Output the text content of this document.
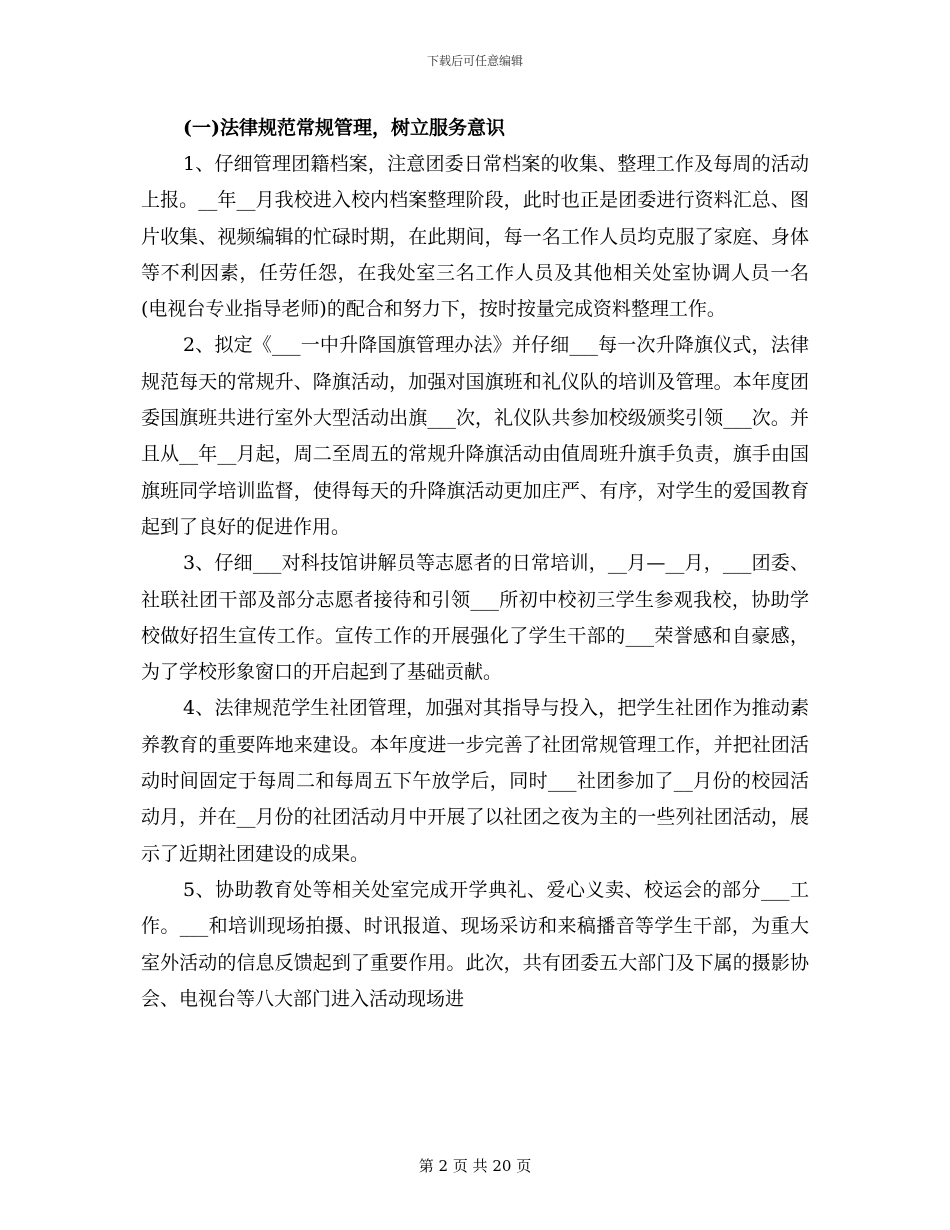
下载后可任意编辑

(一)法律规范常规管理，树立服务意识

1、仔细管理团籍档案，注意团委日常档案的收集、整理工作及每周的活动上报。__年__月我校进入校内档案整理阶段，此时也正是团委进行资料汇总、图片收集、视频编辑的忙碌时期，在此期间，每一名工作人员均克服了家庭、身体等不利因素，任劳任怨，在我处室三名工作人员及其他相关处室协调人员一名(电视台专业指导老师)的配合和努力下，按时按量完成资料整理工作。

2、拟定《___一中升降国旗管理办法》并仔细___每一次升降旗仪式，法律规范每天的常规升、降旗活动，加强对国旗班和礼仪队的培训及管理。本年度团委国旗班共进行室外大型活动出旗___次，礼仪队共参加校级颁奖引领___次。并且从__年__月起，周二至周五的常规升降旗活动由值周班升旗手负责，旗手由国旗班同学培训监督，使得每天的升降旗活动更加庄严、有序，对学生的爱国教育起到了良好的促进作用。

3、仔细___对科技馆讲解员等志愿者的日常培训，__月—__月，___团委、社联社团干部及部分志愿者接待和引领___所初中校初三学生参观我校，协助学校做好招生宣传工作。宣传工作的开展强化了学生干部的___荣誉感和自豪感，为了学校形象窗口的开启起到了基础贡献。

4、法律规范学生社团管理，加强对其指导与投入，把学生社团作为推动素养教育的重要阵地来建设。本年度进一步完善了社团常规管理工作，并把社团活动时间固定于每周二和每周五下午放学后，同时___社团参加了__月份的校园活动月，并在__月份的社团活动月中开展了以社团之夜为主的一些列社团活动，展示了近期社团建设的成果。

5、协助教育处等相关处室完成开学典礼、爱心义卖、校运会的部分___工作。___和培训现场拍摄、时讯报道、现场采访和来稿播音等学生干部，为重大室外活动的信息反馈起到了重要作用。此次，共有团委五大部门及下属的摄影协会、电视台等八大部门进入活动现场进

第 2 页 共 20 页
